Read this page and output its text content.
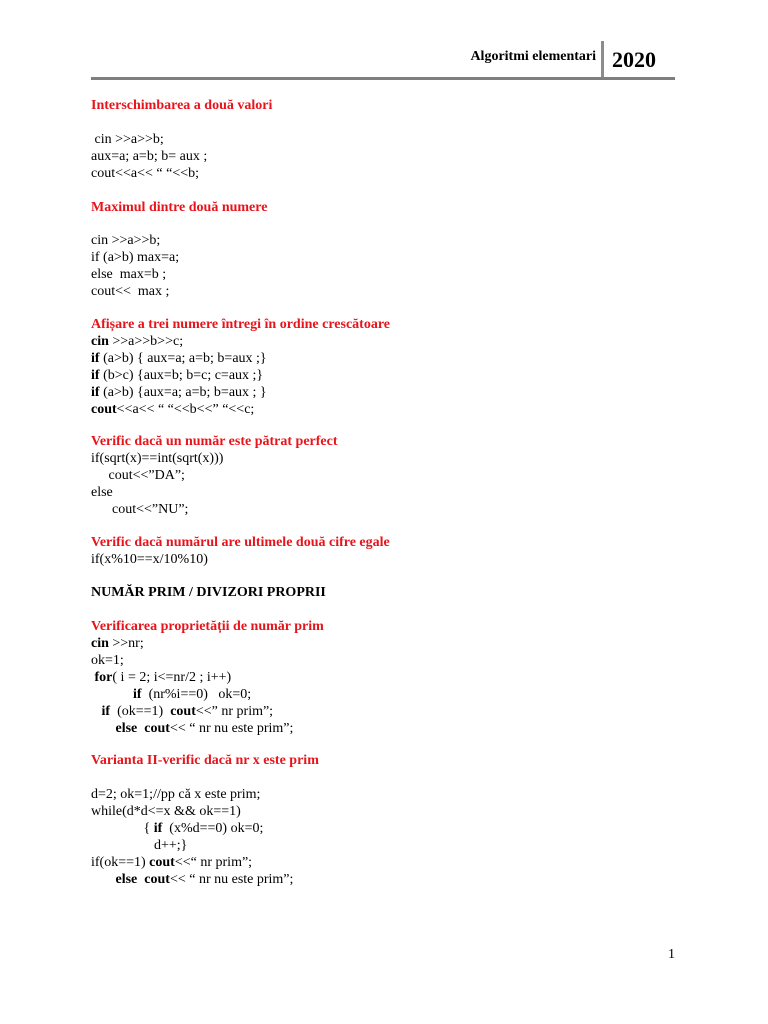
Algoritmi elementari 2020
Interschimbarea a două valori
cin >>a>>b;
aux=a; a=b; b= aux ;
cout<<a<< “ “<<b;
Maximul dintre două numere
cin >>a>>b;
if (a>b) max=a;
else  max=b ;
cout<<  max ;
Afișare a trei numere întregi în ordine crescătoare
cin >>a>>b>>c;
if (a>b) { aux=a; a=b; b=aux ;}
if (b>c) {aux=b; b=c; c=aux ;}
if (a>b) {aux=a; a=b; b=aux ; }
cout<<a<< “ “<<b<<” “<<c;
Verific dacă un număr este pătrat perfect
if(sqrt(x)==int(sqrt(x)))
cout<<”DA”;
else
cout<<”NU”;
Verific dacă numărul are ultimele două cifre egale
if(x%10==x/10%10)
NUMĂR PRIM / DIVIZORI PROPRII
Verificarea proprietății de număr prim
cin >>nr;
ok=1;
for( i = 2; i<=nr/2 ; i++)
if  (nr%i==0)   ok=0;
if  (ok==1)  cout<<” nr prim”;
else  cout<< “ nr nu este prim”;
Varianta II-verific dacă nr x este prim
d=2; ok=1;//pp că x este prim;
while(d*d<=x && ok==1)
{ if  (x%d==0) ok=0;
d++;}
if(ok==1) cout<<“ nr prim”;
else  cout<< “ nr nu este prim”;
1
